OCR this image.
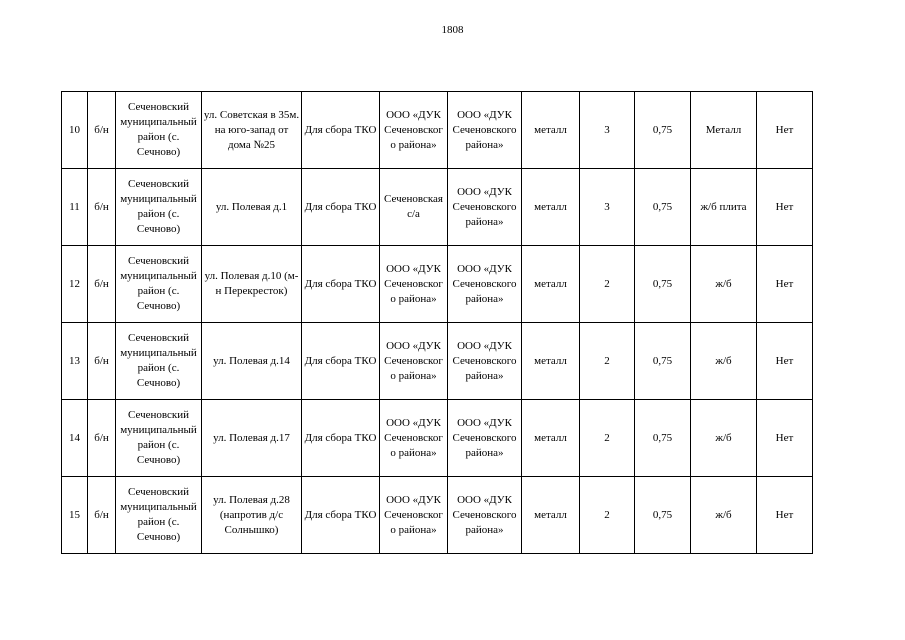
1808
10	б/н	Сеченовский муниципальный район (с. Сечново)	ул. Советская в 35м. на юго-запад от дома №25	Для сбора ТКО	ООО «ДУК Сеченовског о района»	ООО «ДУК Сеченовского района»	металл	3	0,75	Металл	Нет
11	б/н	Сеченовский муниципальный район (с. Сечново)	ул. Полевая д.1	Для сбора ТКО	Сеченовская с/а	ООО «ДУК Сеченовского района»	металл	3	0,75	ж/б плита	Нет
12	б/н	Сеченовский муниципальный район (с. Сечново)	ул. Полевая д.10 (м-н Перекресток)	Для сбора ТКО	ООО «ДУК Сеченовског о района»	ООО «ДУК Сеченовского района»	металл	2	0,75	ж/б	Нет
13	б/н	Сеченовский муниципальный район (с. Сечново)	ул. Полевая д.14	Для сбора ТКО	ООО «ДУК Сеченовског о района»	ООО «ДУК Сеченовского района»	металл	2	0,75	ж/б	Нет
14	б/н	Сеченовский муниципальный район (с. Сечново)	ул. Полевая д.17	Для сбора ТКО	ООО «ДУК Сеченовског о района»	ООО «ДУК Сеченовского района»	металл	2	0,75	ж/б	Нет
15	б/н	Сеченовский муниципальный район (с. Сечново)	ул. Полевая д.28 (напротив д/с Солнышко)	Для сбора ТКО	ООО «ДУК Сеченовског о района»	ООО «ДУК Сеченовского района»	металл	2	0,75	ж/б	Нет
